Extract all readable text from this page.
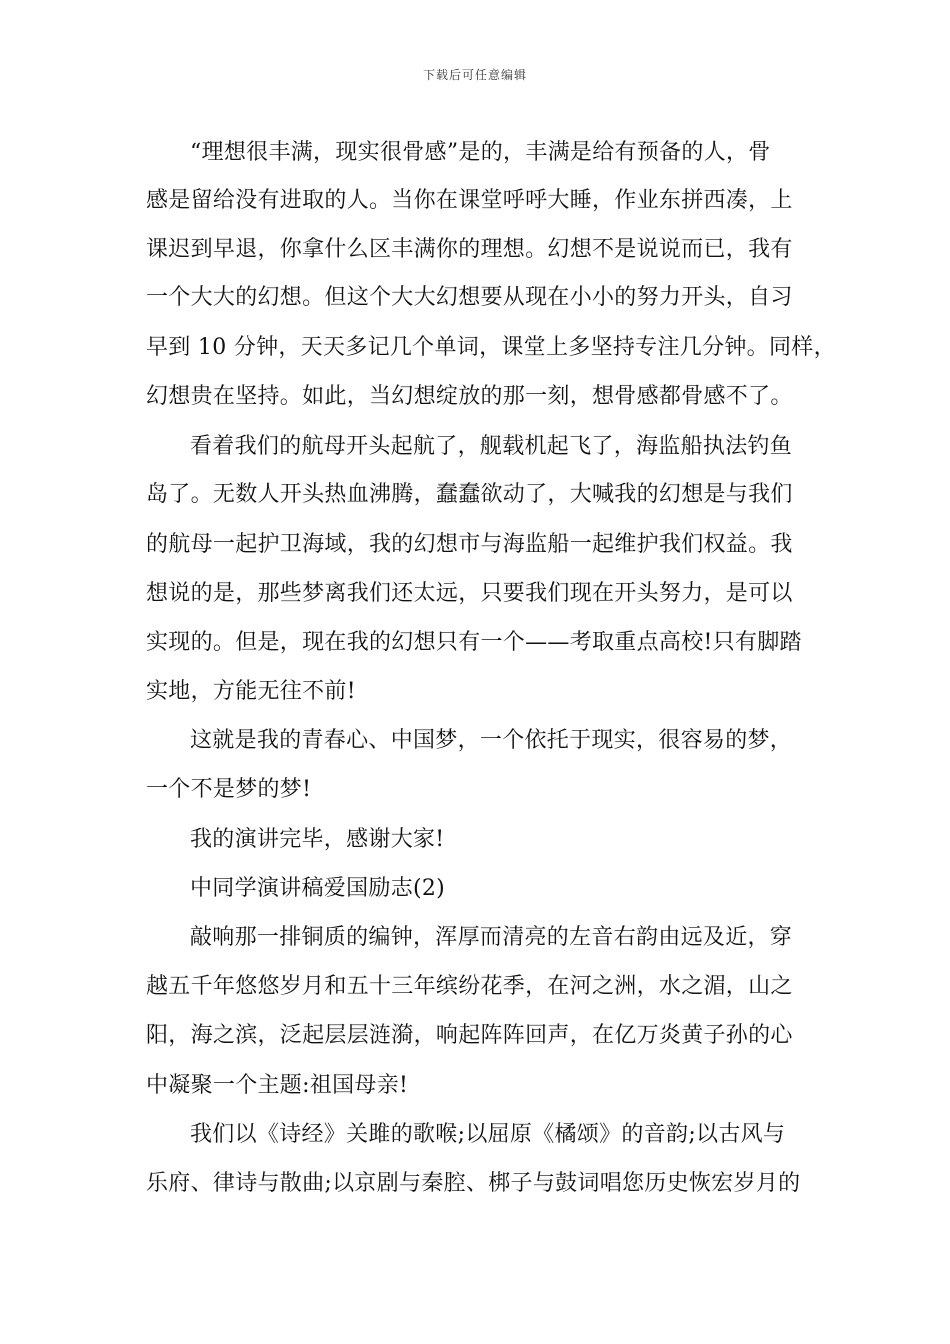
下载后可任意编辑
“理想很丰满，现实很骨感”是的，丰满是给有预备的人，骨
感是留给没有进取的人。当你在课堂呼呼大睡，作业东拼西凑，上
课迟到早退，你拿什么区丰满你的理想。幻想不是说说而已，我有
一个大大的幻想。但这个大大幻想要从现在小小的努力开头，自习
早到 10 分钟，天天多记几个单词，课堂上多坚持专注几分钟。同样，
幻想贵在坚持。如此，当幻想绽放的那一刻，想骨感都骨感不了。
看着我们的航母开头起航了，舰载机起飞了，海监船执法钓鱼
岛了。无数人开头热血沸腾，蠢蠢欲动了，大喊我的幻想是与我们
的航母一起护卫海域，我的幻想市与海监船一起维护我们权益。我
想说的是，那些梦离我们还太远，只要我们现在开头努力，是可以
实现的。但是，现在我的幻想只有一个——考取重点高校!只有脚踏
实地，方能无往不前!
这就是我的青春心、中国梦，一个依托于现实，很容易的梦，
一个不是梦的梦!
我的演讲完毕，感谢大家!
中同学演讲稿爱国励志(2)
敲响那一排铜质的编钟，浑厚而清亮的左音右韵由远及近，穿
越五千年悠悠岁月和五十三年缤纷花季，在河之洲，水之湄，山之
阳，海之滨，泛起层层涟漪，响起阵阵回声，在亿万炎黄子孙的心
中凝聚一个主题:祖国母亲!
我们以《诗经》关雎的歌喉;以屈原《橘颂》的音韵;以古风与
乐府、律诗与散曲;以京剧与秦腔、梆子与鼓词唱您历史恢宏岁月的
